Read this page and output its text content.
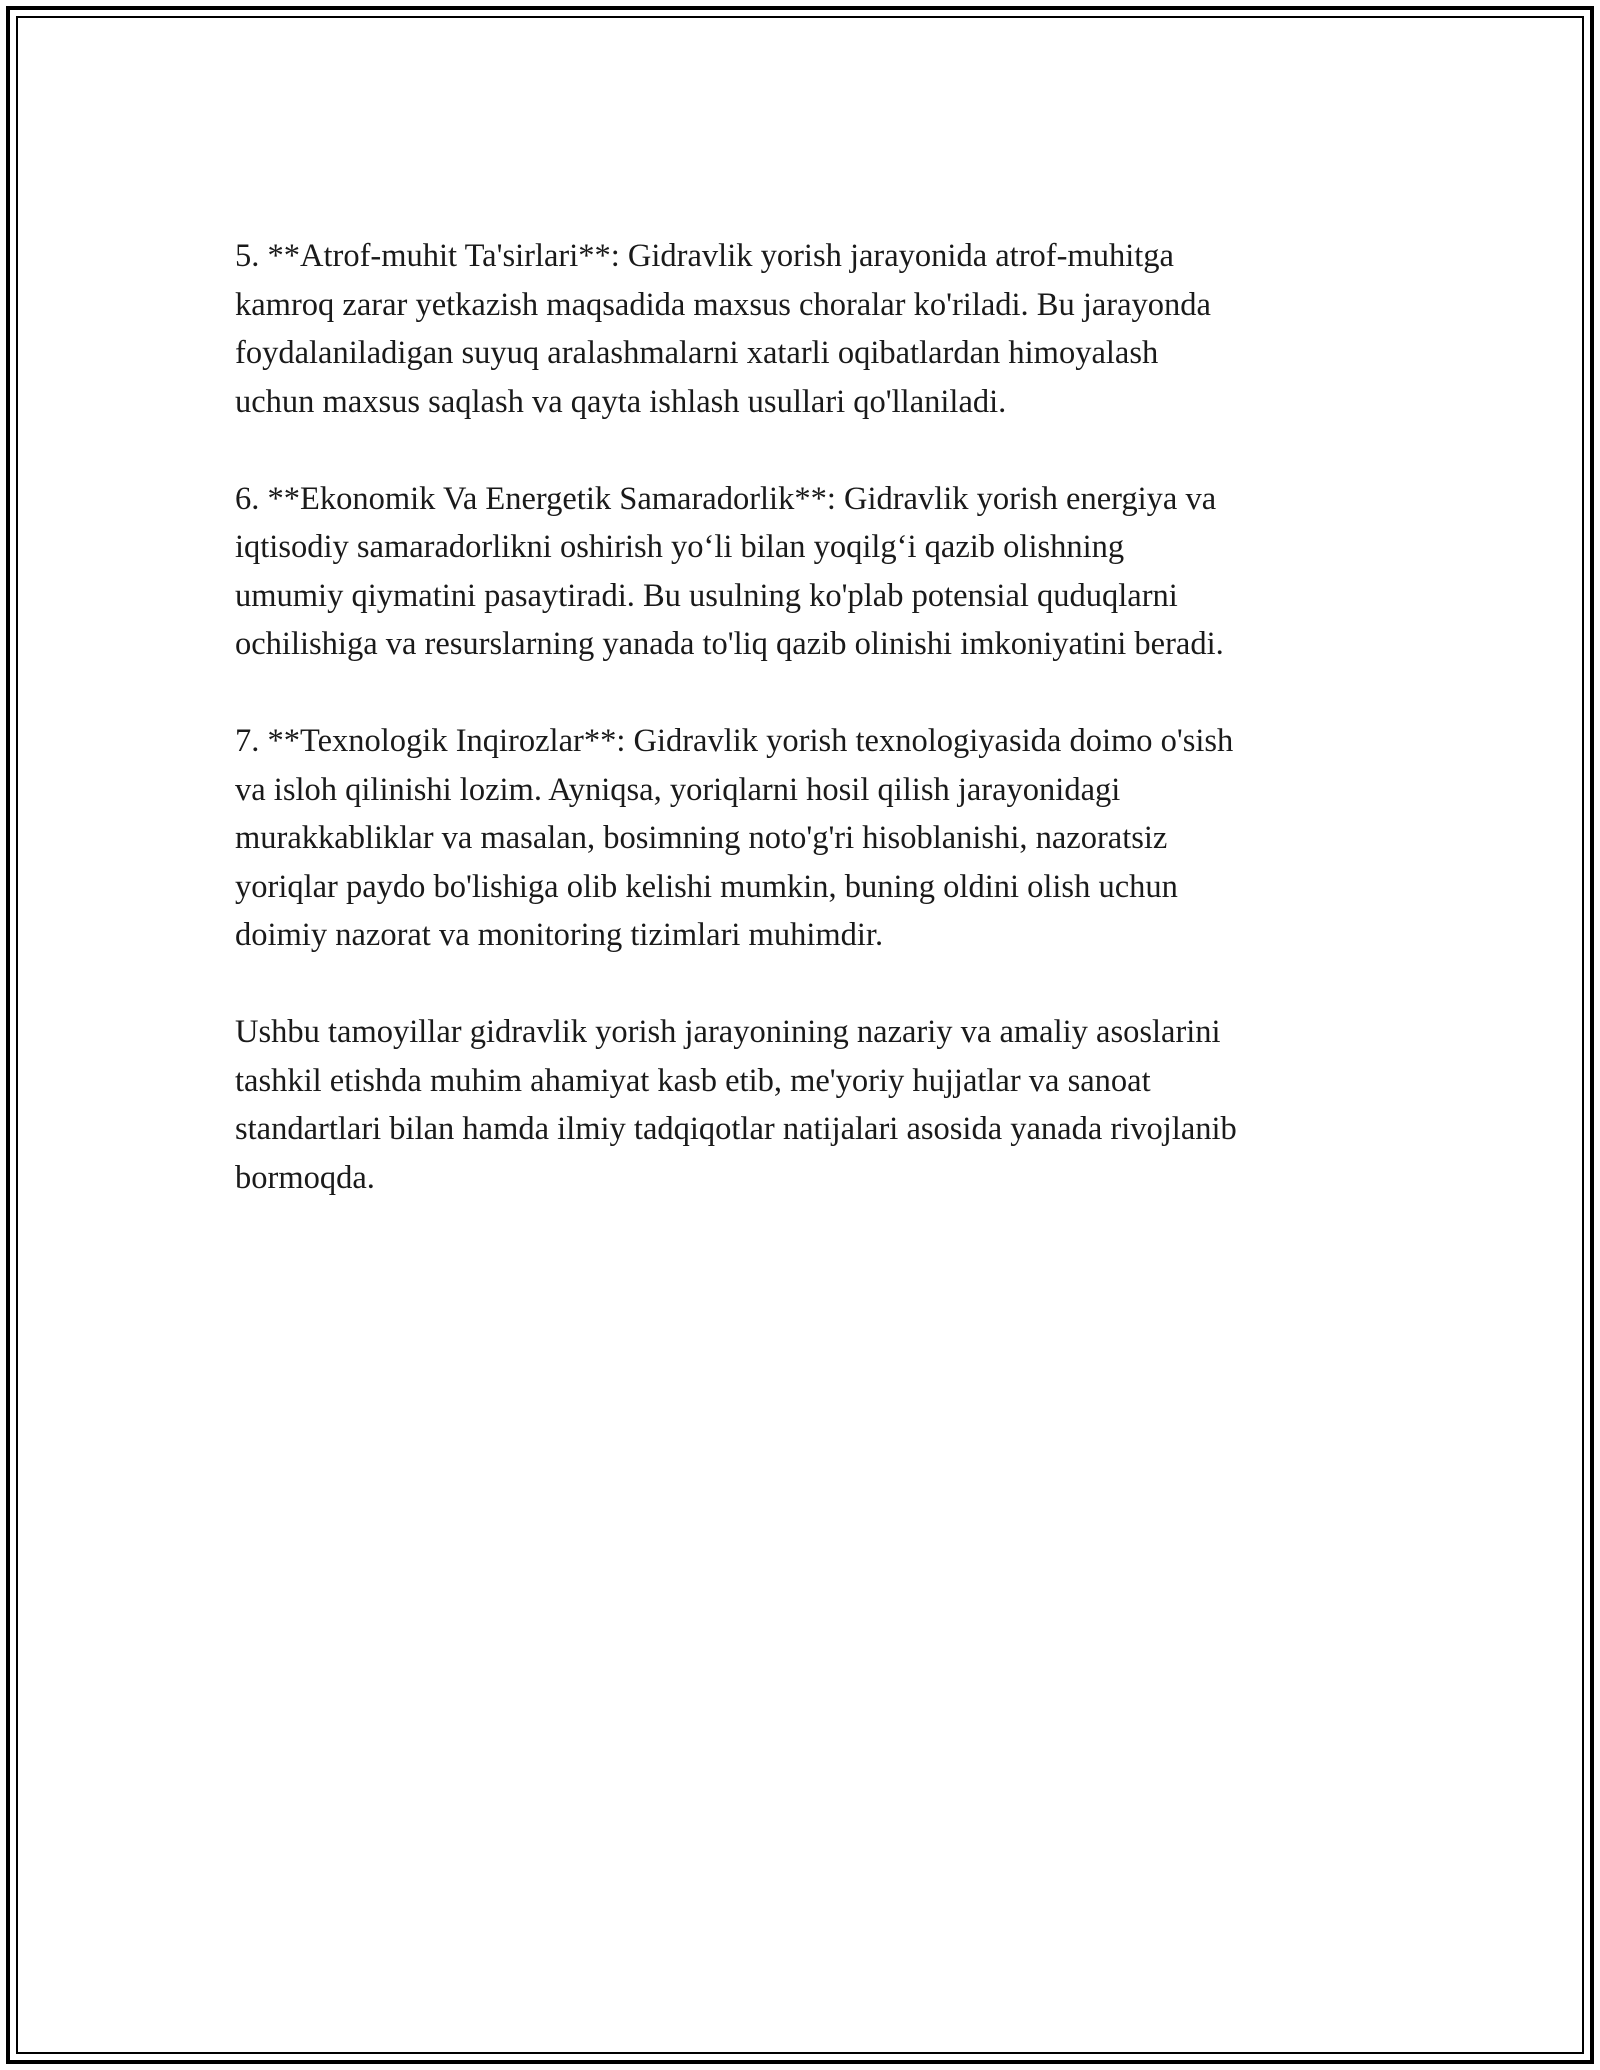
5. **Atrof-muhit Ta'sirlari**: Gidravlik yorish jarayonida atrof-muhitga
kamroq zarar yetkazish maqsadida maxsus choralar ko'riladi. Bu jarayonda
foydalaniladigan suyuq aralashmalarni xatarli oqibatlardan himoyalash
uchun maxsus saqlash va qayta ishlash usullari qo'llaniladi.

6. **Ekonomik Va Energetik Samaradorlik**: Gidravlik yorish energiya va
iqtisodiy samaradorlikni oshirish yo‘li bilan yoqilg‘i qazib olishning
umumiy qiymatini pasaytiradi. Bu usulning ko'plab potensial quduqlarni
ochilishiga va resurslarning yanada to'liq qazib olinishi imkoniyatini beradi.

7. **Texnologik Inqirozlar**: Gidravlik yorish texnologiyasida doimo o'sish
va isloh qilinishi lozim. Ayniqsa, yoriqlarni hosil qilish jarayonidagi
murakkabliklar va masalan, bosimning noto'g'ri hisoblanishi, nazoratsiz
yoriqlar paydo bo'lishiga olib kelishi mumkin, buning oldini olish uchun
doimiy nazorat va monitoring tizimlari muhimdir.

Ushbu tamoyillar gidravlik yorish jarayonining nazariy va amaliy asoslarini
tashkil etishda muhim ahamiyat kasb etib, me'yoriy hujjatlar va sanoat
standartlari bilan hamda ilmiy tadqiqotlar natijalari asosida yanada rivojlanib
bormoqda.
